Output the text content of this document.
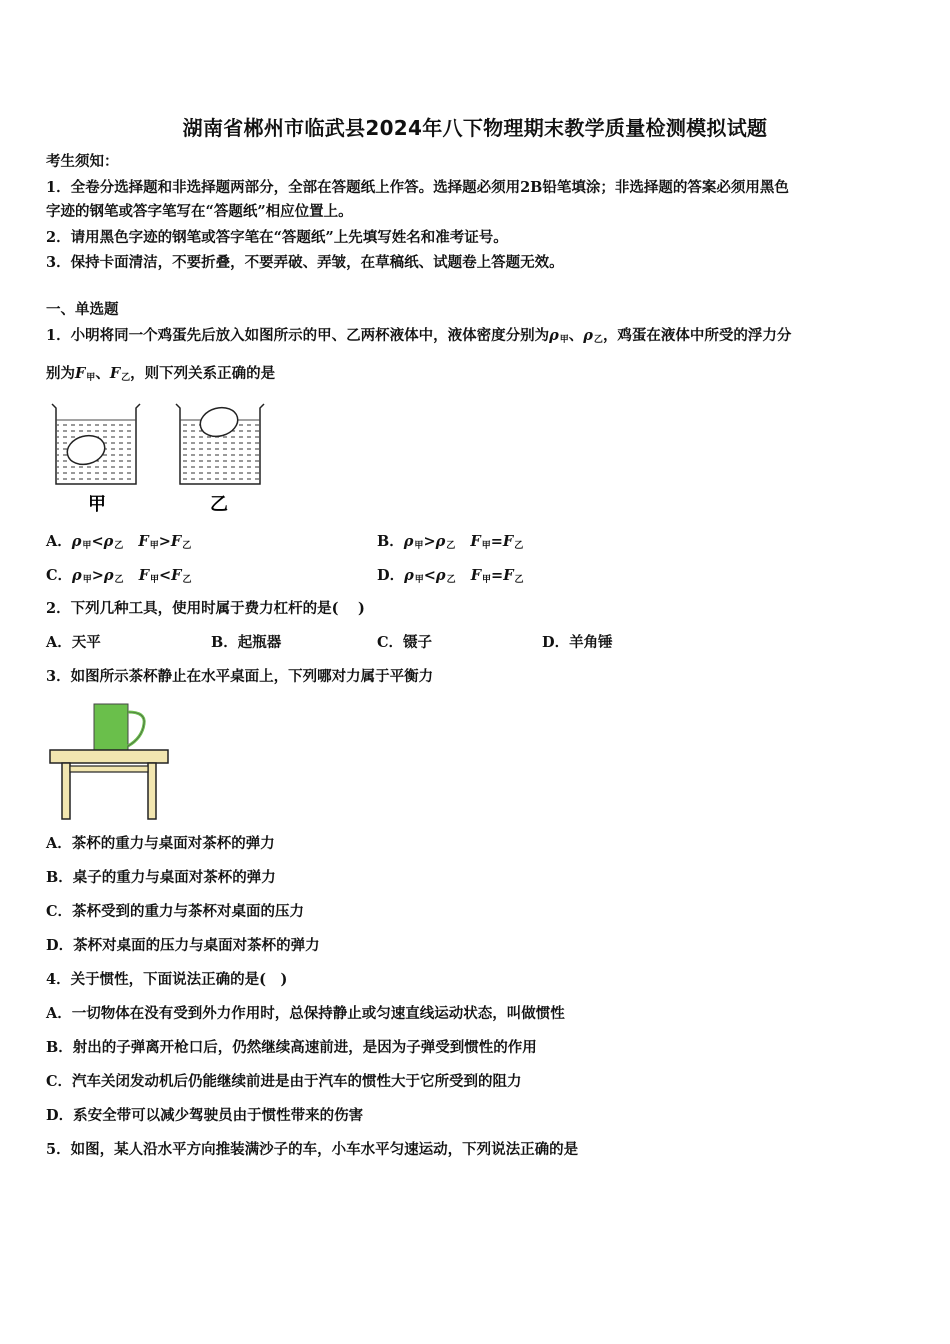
湖南省郴州市临武县2024年八下物理期末教学质量检测模拟试题
考生须知：
1．全卷分选择题和非选择题两部分，全部在答题纸上作答。选择题必须用2B铅笔填涂；非选择题的答案必须用黑色
字迹的钢笔或答字笔写在“答题纸”相应位置上。
2．请用黑色字迹的钢笔或答字笔在“答题纸”上先填写姓名和准考证号。
3．保持卡面清洁，不要折叠，不要弄破、弄皱，在草稿纸、试题卷上答题无效。
一、单选题
1．小明将同一个鸡蛋先后放入如图所示的甲、乙两杯液体中，液体密度分别为$\rho_甲$、$\rho_乙$，鸡蛋在液体中所受的浮力分
别为$F_甲$、$F_乙$，则下列关系正确的是
甲	乙
A．$\rho_甲<\rho_乙$ $F_甲>F_乙$	B．$\rho_甲>\rho_乙$ $F_甲=F_乙$
C．$\rho_甲>\rho_乙$ $F_甲<F_乙$	D．$\rho_甲<\rho_乙$ $F_甲=F_乙$
2．下列几种工具，使用时属于费力杠杆的是(　 )
A．天平	B．起瓶器	C．镊子	D．羊角锤
3．如图所示茶杯静止在水平桌面上，下列哪对力属于平衡力
A．茶杯的重力与桌面对茶杯的弹力
B．桌子的重力与桌面对茶杯的弹力
C．茶杯受到的重力与茶杯对桌面的压力
D．茶杯对桌面的压力与桌面对茶杯的弹力
4．关于惯性，下面说法正确的是(　)
A．一切物体在没有受到外力作用时，总保持静止或匀速直线运动状态，叫做惯性
B．射出的子弹离开枪口后，仍然继续高速前进，是因为子弹受到惯性的作用
C．汽车关闭发动机后仍能继续前进是由于汽车的惯性大于它所受到的阻力
D．系安全带可以减少驾驶员由于惯性带来的伤害
5．如图，某人沿水平方向推装满沙子的车，小车水平匀速运动，下列说法正确的是
